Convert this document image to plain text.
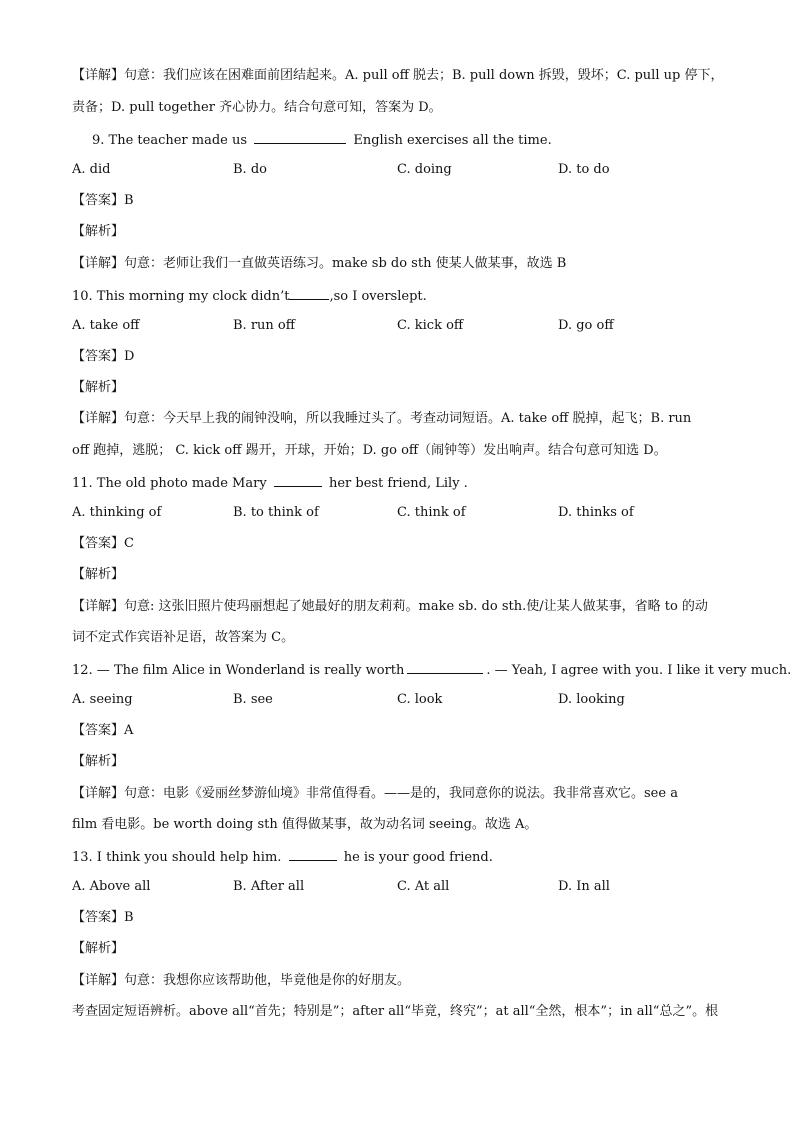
【详解】句意：我们应该在困难面前团结起来。A. pull off 脱去；B. pull down 拆毁，毁坏；C. pull up 停下，
责备；D. pull together 齐心协力。结合句意可知，答案为 D。
9. The teacher made us	English exercises all the time.
A. did	B. do	C. doing	D. to do
【答案】B
【解析】
【详解】句意：老师让我们一直做英语练习。make sb do sth 使某人做某事，故选 B
10. This morning my clock didn’t	,so I overslept.
A. take off	B. run off	C. kick off	D. go off
【答案】D
【解析】
【详解】句意：今天早上我的闹钟没响，所以我睡过头了。考查动词短语。A. take off 脱掉，起飞；B. run
off 跑掉，逃脱； C. kick off 踢开，开球，开始；D. go off（闹钟等）发出响声。结合句意可知选 D。
11. The old photo made Mary	her best friend, Lily .
A. thinking of	B. to think of	C. think of	D. thinks of
【答案】C
【解析】
【详解】句意: 这张旧照片使玛丽想起了她最好的朋友莉莉。make sb. do sth.使/让某人做某事，省略 to 的动
词不定式作宾语补足语，故答案为 C。
12. — The film Alice in Wonderland is really worth	. — Yeah, I agree with you. I like it very much.
A. seeing	B. see	C. look	D. looking
【答案】A
【解析】
【详解】句意：电影《爱丽丝梦游仙境》非常值得看。——是的，我同意你的说法。我非常喜欢它。see a
film 看电影。be worth doing sth 值得做某事，故为动名词 seeing。故选 A。
13. I think you should help him.	he is your good friend.
A. Above all	B. After all	C. At all	D. In all
【答案】B
【解析】
【详解】句意：我想你应该帮助他，毕竟他是你的好朋友。
考查固定短语辨析。above all“首先；特别是”；after all“毕竟，终究”；at all“全然，根本”；in all“总之”。根
